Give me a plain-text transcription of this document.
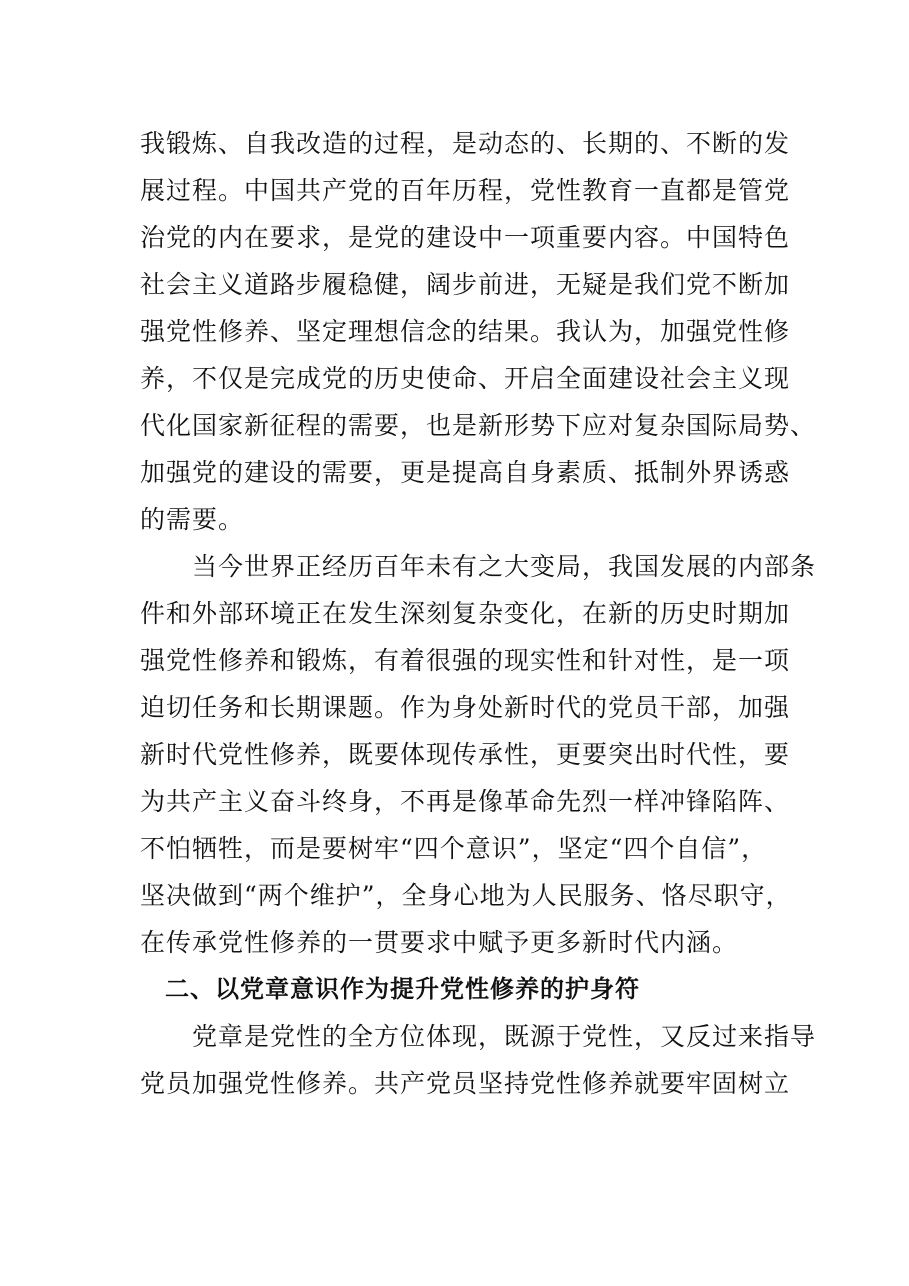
我锻炼、自我改造的过程，是动态的、长期的、不断的发
展过程。中国共产党的百年历程，党性教育一直都是管党
治党的内在要求，是党的建设中一项重要内容。中国特色
社会主义道路步履稳健，阔步前进，无疑是我们党不断加
强党性修养、坚定理想信念的结果。我认为，加强党性修
养，不仅是完成党的历史使命、开启全面建设社会主义现
代化国家新征程的需要，也是新形势下应对复杂国际局势、
加强党的建设的需要，更是提高自身素质、抵制外界诱惑
的需要。
　　当今世界正经历百年未有之大变局，我国发展的内部条
件和外部环境正在发生深刻复杂变化，在新的历史时期加
强党性修养和锻炼，有着很强的现实性和针对性，是一项
迫切任务和长期课题。作为身处新时代的党员干部，加强
新时代党性修养，既要体现传承性，更要突出时代性，要
为共产主义奋斗终身，不再是像革命先烈一样冲锋陷阵、
不怕牺牲，而是要树牢“四个意识”，坚定“四个自信”，
坚决做到“两个维护”，全身心地为人民服务、恪尽职守，
在传承党性修养的一贯要求中赋予更多新时代内涵。
　二、以党章意识作为提升党性修养的护身符
　　党章是党性的全方位体现，既源于党性，又反过来指导
党员加强党性修养。共产党员坚持党性修养就要牢固树立
